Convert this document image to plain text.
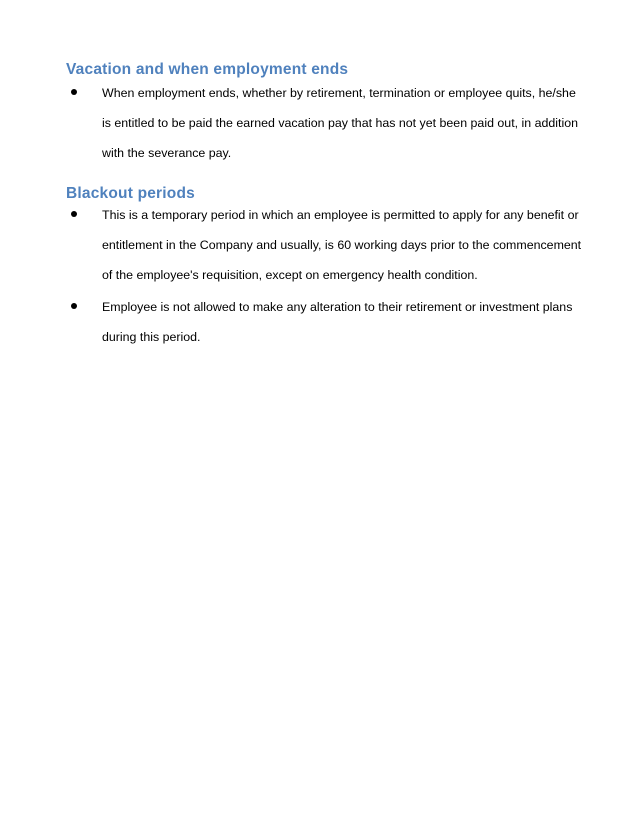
Vacation and when employment ends
When employment ends, whether by retirement, termination or employee quits, he/she is entitled to be paid the earned vacation pay that has not yet been paid out, in addition with the severance pay.
Blackout periods
This is a temporary period in which an employee is permitted to apply for any benefit or entitlement in the Company and usually, is 60 working days prior to the commencement of the employee's requisition, except on emergency health condition.
Employee is not allowed to make any alteration to their retirement or investment plans during this period.
